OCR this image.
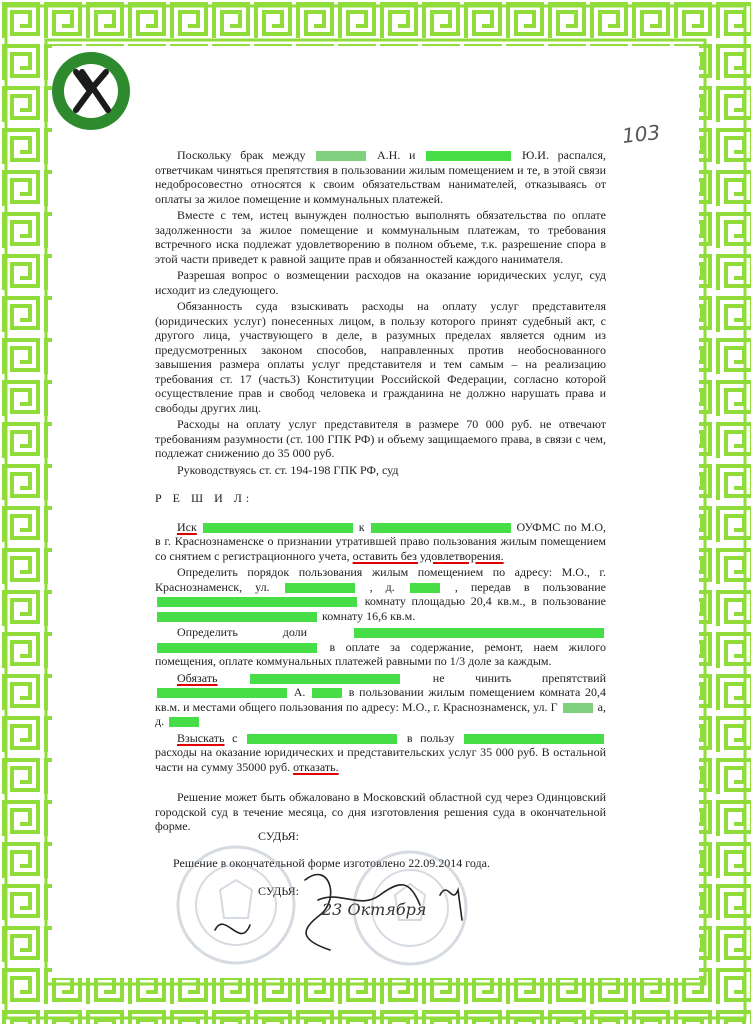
103

Поскольку брак между	А.Н. и	Ю.И. распался, ответчикам чиняться препятствия в пользовании жилым помещением и те, в этой связи недобросовестно относятся к своим обязательствам нанимателей, отказываясь от оплаты за жилое помещение и коммунальных платежей.

Вместе с тем, истец вынужден полностью выполнять обязательства по оплате задолженности за жилое помещение и коммунальным платежам, то требования встречного иска подлежат удовлетворению в полном объеме, т.к. разрешение спора в этой части приведет к равной защите прав и обязанностей каждого нанимателя.

Разрешая вопрос о возмещении расходов на оказание юридических услуг, суд исходит из следующего.

Обязанность суда взыскивать расходы на оплату услуг представителя (юридических услуг) понесенных лицом, в пользу которого принят судебный акт, с другого лица, участвующего в деле, в разумных пределах является одним из предусмотренных законом способов, направленных против необоснованного завышения размера оплаты услуг представителя и тем самым – на реализацию требования ст. 17 (часть3) Конституции Российской Федерации, согласно которой осуществление прав и свобод человека и гражданина не должно нарушать права и свободы других лиц.

Расходы на оплату услуг представителя в размере 70 000 руб. не отвечают требованиям разумности (ст. 100 ГПК РФ) и объему защищаемого права, в связи с чем, подлежат снижению до 35 000 руб.

Руководствуясь ст. ст. 194-198 ГПК РФ, суд

Р Е Ш И Л:

Иск	к	ОУФМС по М.О, в г. Краснознаменске о признании утратившей право пользования жилым помещением со снятием с регистрационного учета, оставить без удовлетворения.

Определить порядок пользования жилым помещением по адресу: М.О., г. Краснознаменск, ул.	, д.	, передав в пользование  комнату площадью 20,4 кв.м., в пользование  комнату 16,6 кв.м.

Определить доли   в оплате за содержание, ремонт, наем жилого помещения, оплате коммунальных платежей равными по 1/3 доле за каждым.

Обязать	не чинить препятствий  А.	в пользовании жилым помещением комната 20,4 кв.м. и местами общего пользования по адресу: М.О., г. Краснознаменск, ул. Г	а, д.

Взыскать с	в пользу  расходы на оказание юридических и представительских услуг 35 000 руб. В остальной части на сумму 35000 руб. отказать.

Решение может быть обжаловано в Московский областной суд через Одинцовский городской суд в течение месяца, со дня изготовления решения суда в окончательной форме.

СУДЬЯ:
Решение в окончательной форме изготовлено 22.09.2014 года.
СУДЬЯ:
23 Октября
